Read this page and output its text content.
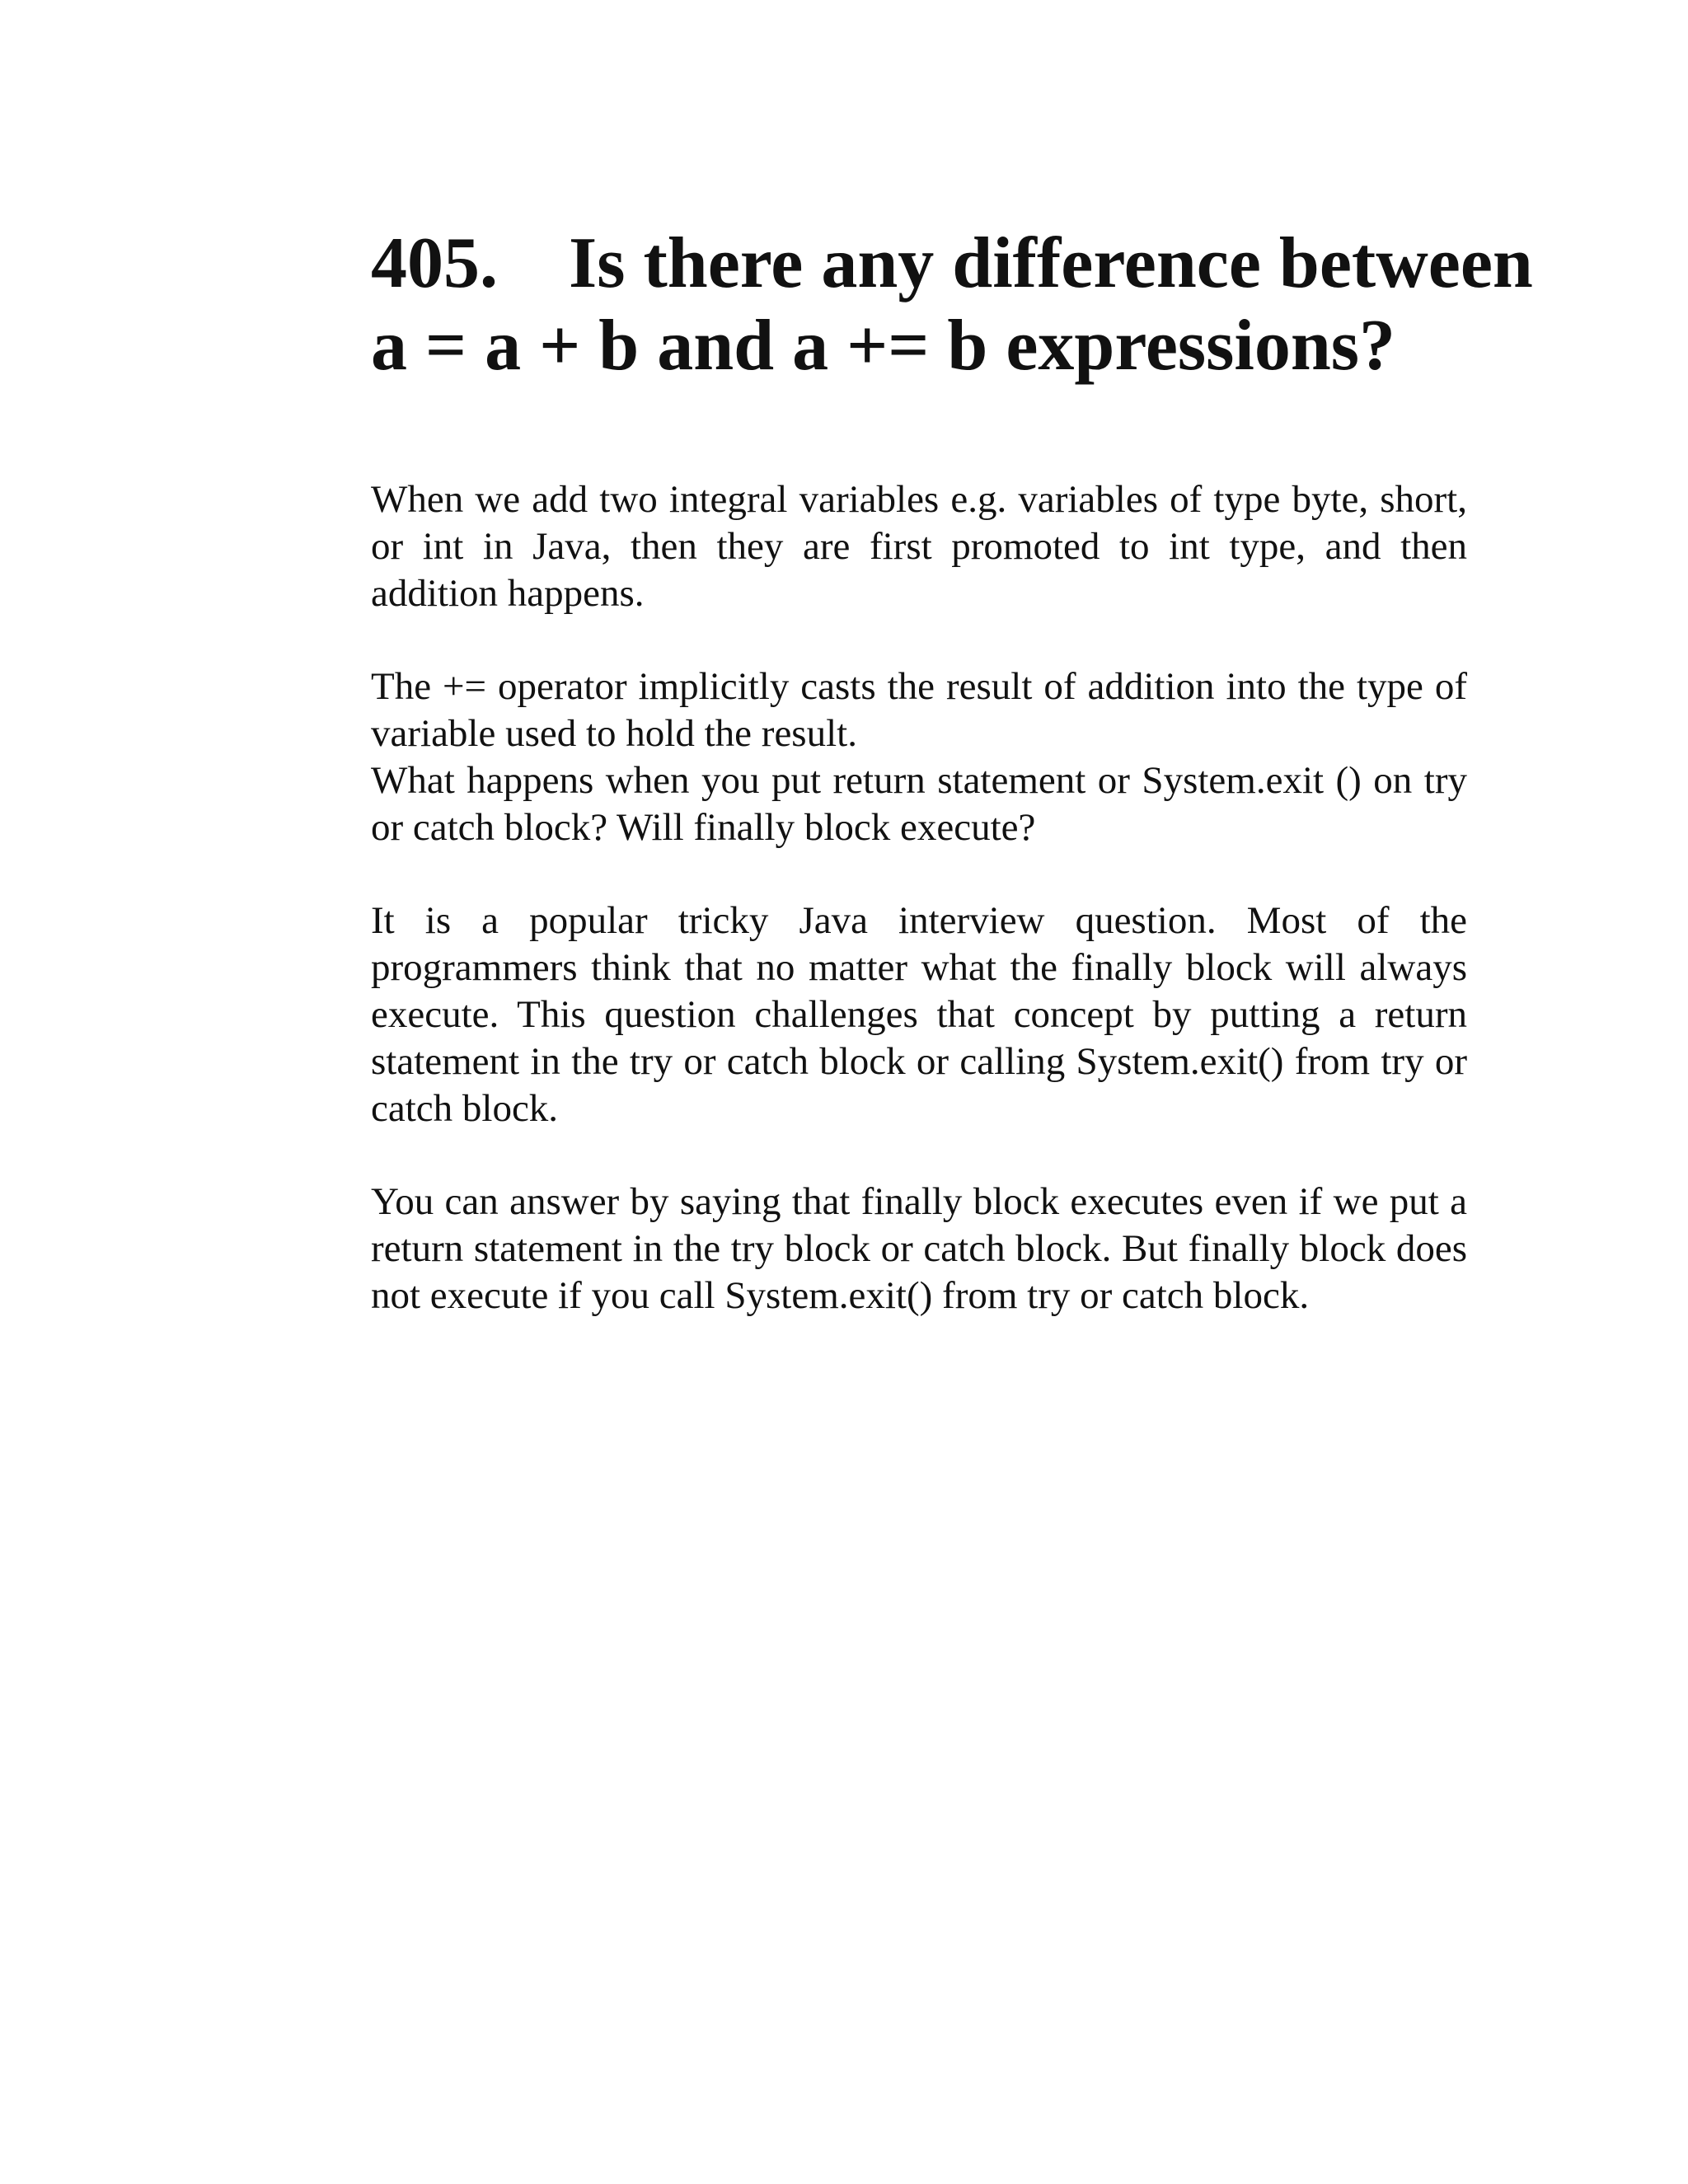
405. Is there any difference between
a = a + b and a += b expressions?

When we add two integral variables e.g. variables of type byte, short, or int in Java, then they are first promoted to int type, and then addition happens.

The += operator implicitly casts the result of addition into the type of variable used to hold the result.

What happens when you put return statement or System.exit () on try or catch block? Will finally block execute?

It is a popular tricky Java interview question. Most of the programmers think that no matter what the finally block will always execute. This question challenges that concept by putting a return statement in the try or catch block or calling System.exit() from try or catch block.

You can answer by saying that finally block executes even if we put a return statement in the try block or catch block. But finally block does not execute if you call System.exit() from try or catch block.
